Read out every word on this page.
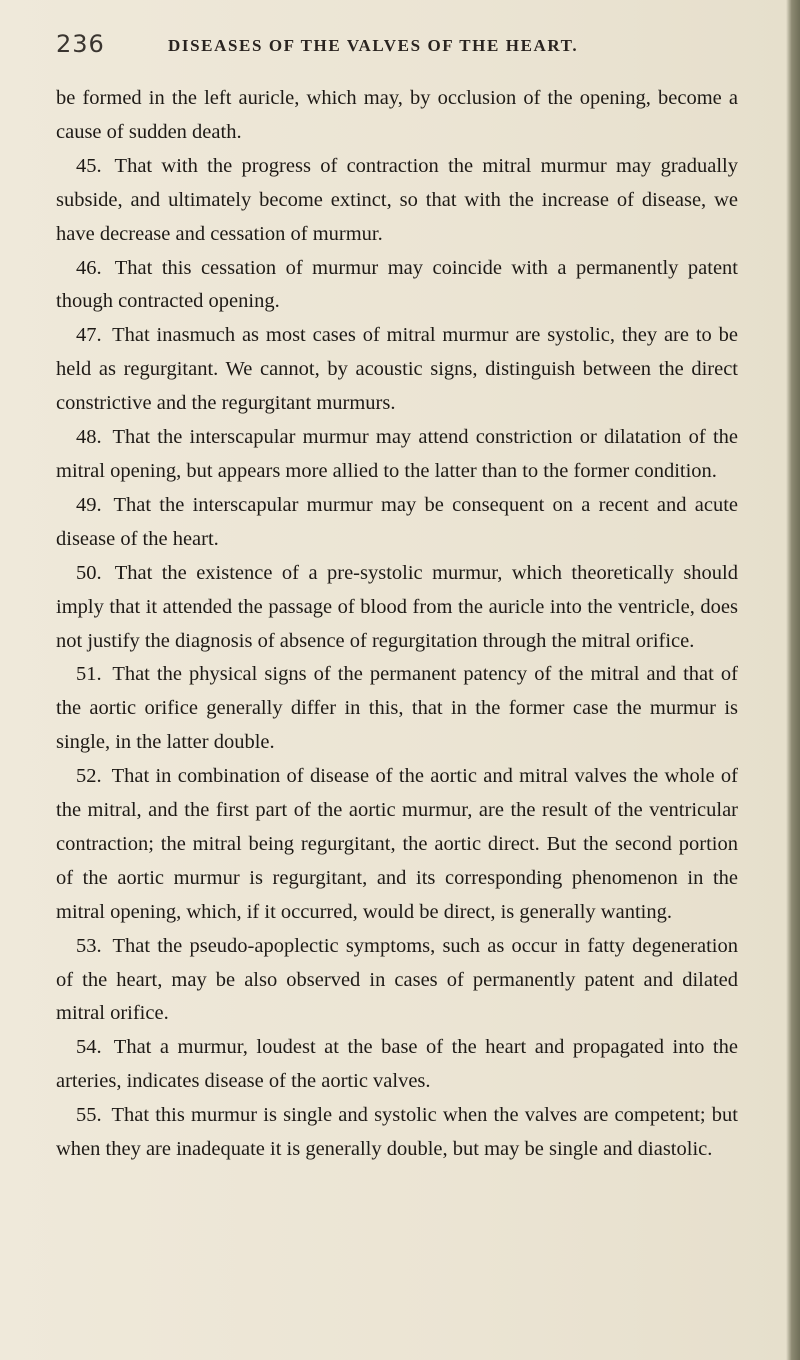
236	DISEASES OF THE VALVES OF THE HEART.

be formed in the left auricle, which may, by occlusion of the opening, become a cause of sudden death.

45. That with the progress of contraction the mitral murmur may gradually subside, and ultimately become extinct, so that with the increase of disease, we have decrease and cessation of murmur.

46. That this cessation of murmur may coincide with a permanently patent though contracted opening.

47. That inasmuch as most cases of mitral murmur are systolic, they are to be held as regurgitant. We cannot, by acoustic signs, distinguish between the direct constrictive and the regurgitant murmurs.

48. That the interscapular murmur may attend constriction or dilatation of the mitral opening, but appears more allied to the latter than to the former condition.

49. That the interscapular murmur may be consequent on a recent and acute disease of the heart.

50. That the existence of a pre-systolic murmur, which theoretically should imply that it attended the passage of blood from the auricle into the ventricle, does not justify the diagnosis of absence of regurgitation through the mitral orifice.

51. That the physical signs of the permanent patency of the mitral and that of the aortic orifice generally differ in this, that in the former case the murmur is single, in the latter double.

52. That in combination of disease of the aortic and mitral valves the whole of the mitral, and the first part of the aortic murmur, are the result of the ventricular contraction; the mitral being regurgitant, the aortic direct. But the second portion of the aortic murmur is regurgitant, and its corresponding phenomenon in the mitral opening, which, if it occurred, would be direct, is generally wanting.

53. That the pseudo-apoplectic symptoms, such as occur in fatty degeneration of the heart, may be also observed in cases of permanently patent and dilated mitral orifice.

54. That a murmur, loudest at the base of the heart and propagated into the arteries, indicates disease of the aortic valves.

55. That this murmur is single and systolic when the valves are competent; but when they are inadequate it is generally double, but may be single and diastolic.
